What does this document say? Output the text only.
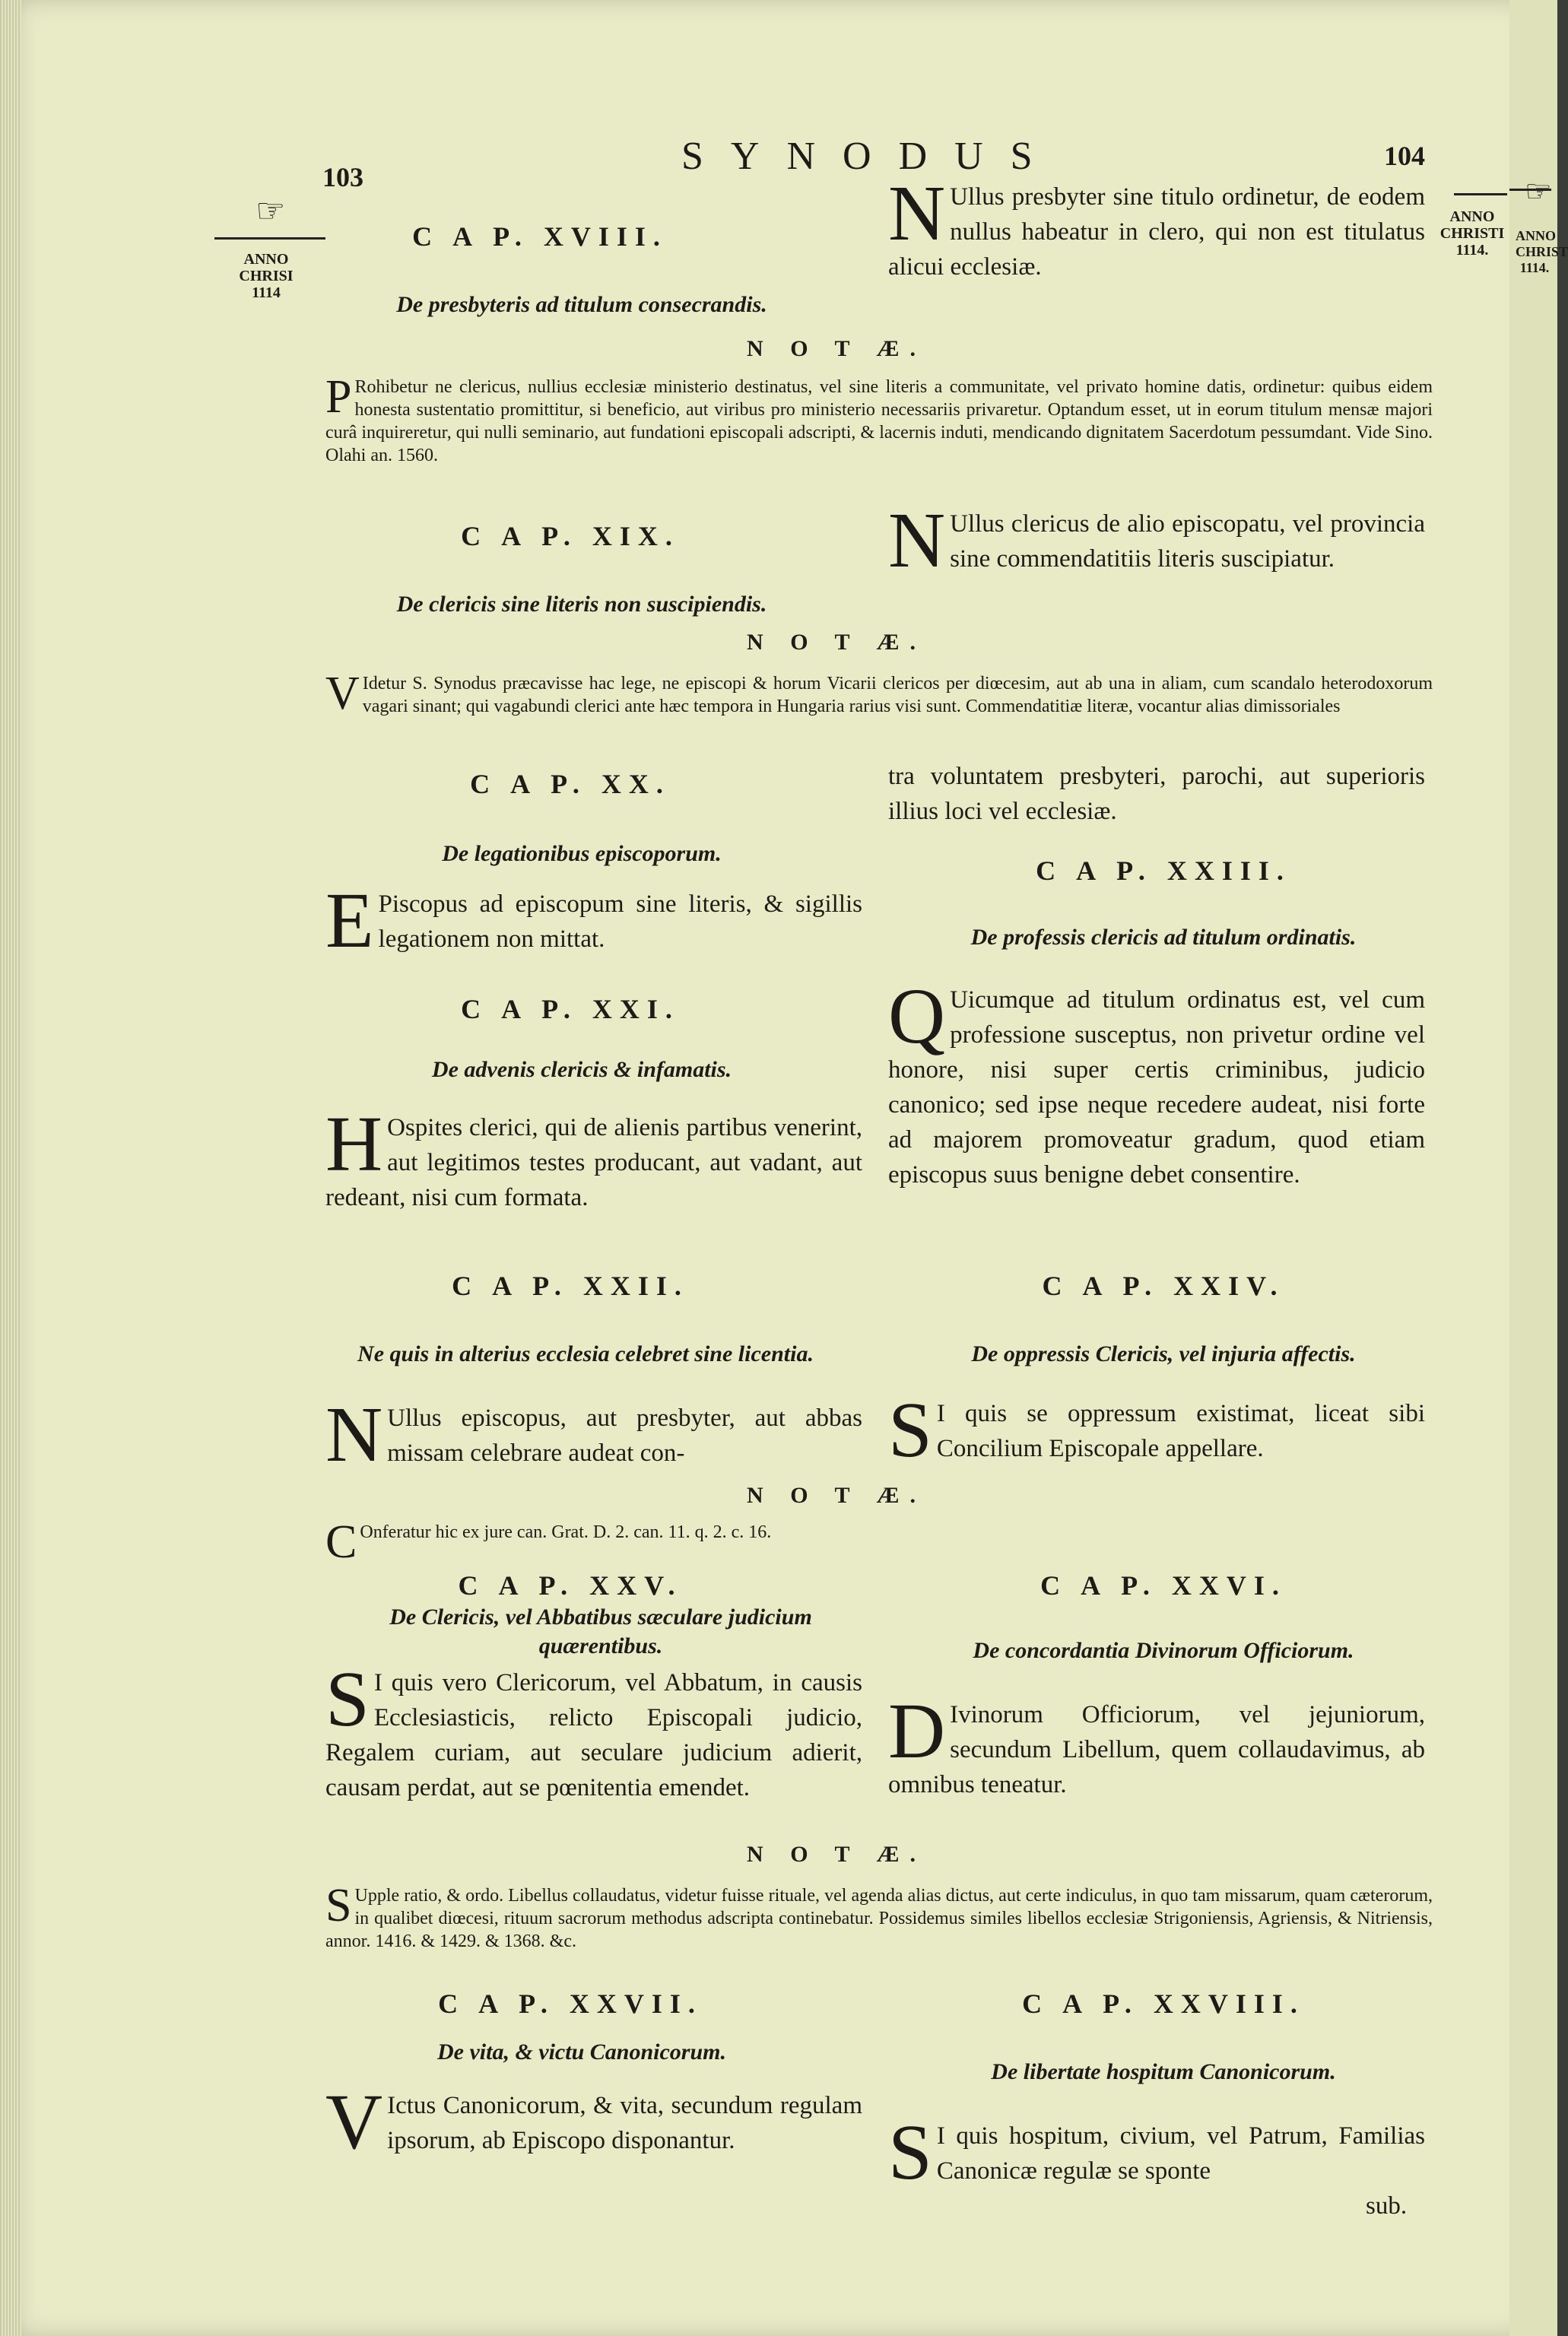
103	SYNODUS	104
☞
ANNO
CHRISI
1114
ANNO
CHRISTI
1114.
C A P. XVIII.
De presbyteris ad titulum consecrandis.
N Ullus presbyter sine titulo ordinetur, de eodem nullus habeatur in clero, qui non est titulatus alicui ecclesiæ.
N O T Æ.
P Rohibetur ne clericus, nullius ecclesiæ ministerio destinatus, vel sine literis a communitate, vel privato homine datis, ordinetur: quibus eidem honesta sustentatio promittitur, si beneficio, aut viribus pro ministerio necessariis privaretur. Optandum esset, ut in eorum titulum mensæ majori curâ inquireretur, qui nulli seminario, aut fundationi episcopali adscripti, & lacernis induti, mendicando dignitatem Sacerdotum pessumdant. Vide Sino. Olahi an. 1560.
C A P. XIX.
De clericis sine literis non suscipiendis.
N Ullus clericus de alio episcopatu, vel provincia sine commendatitiis literis suscipiatur.
N O T Æ.
V Idetur S. Synodus præcavisse hac lege, ne episcopi & horum Vicarii clericos per diœcesim, aut ab una in aliam, cum scandalo heterodoxorum vagari sinant; qui vagabundi clerici ante hæc tempora in Hungaria rarius visi sunt. Commendatitiæ literæ, vocantur alias dimissoriales
C A P. XX.
De legationibus episcoporum.
E Piscopus ad episcopum sine literis, & sigillis legationem non mittat.
C A P. XXI.
De advenis clericis & infamatis.
H Ospites clerici, qui de alienis partibus venerint, aut legitimos testes producant, aut vadant, aut redeant, nisi cum formata.
C A P. XXII.
Ne quis in alterius ecclesia celebret sine licentia.
N Ullus episcopus, aut presbyter, aut abbas missam celebrare audeat con-
tra voluntatem presbyteri, parochi, aut superioris illius loci vel ecclesiæ.
C A P. XXIII.
De professis clericis ad titulum ordinatis.
Q Uicumque ad titulum ordinatus est, vel cum professione susceptus, non privetur ordine vel honore, nisi super certis criminibus, judicio canonico; sed ipse neque recedere audeat, nisi forte ad majorem promoveatur gradum, quod etiam episcopus suus benigne debet consentire.
C A P. XXIV.
De oppressis Clericis, vel injuria affectis.
S I quis se oppressum existimat, liceat sibi Concilium Episcopale appellare.
N O T Æ.
C Onferatur hic ex jure can. Grat. D. 2. can. 11. q. 2. c. 16.
C A P. XXV.
De Clericis, vel Abbatibus sæculare judicium quærentibus.
S I quis vero Clericorum, vel Abbatum, in causis Ecclesiasticis, relicto Episcopali judicio, Regalem curiam, aut seculare judicium adierit, causam perdat, aut se pœnitentia emendet.
C A P. XXVI.
De concordantia Divinorum Officiorum.
D Ivinorum Officiorum, vel jejuniorum, secundum Libellum, quem collaudavimus, ab omnibus teneatur.
N O T Æ.
S Upple ratio, & ordo. Libellus collaudatus, videtur fuisse rituale, vel agenda alias dictus, aut certe indiculus, in quo tam missarum, quam cæterorum, in qualibet diœcesi, rituum sacrorum methodus adscripta continebatur. Possidemus similes libellos ecclesiæ Strigoniensis, Agriensis, & Nitriensis, annor. 1416. & 1429. & 1368. &c.
C A P. XXVII.
De vita, & victu Canonicorum.
V Ictus Canonicorum, & vita, secundum regulam ipsorum, ab Episcopo disponantur.
C A P. XXVIII.
De libertate hospitum Canonicorum.
S I quis hospitum, civium, vel Patrum, Familias Canonicæ regulæ se sponte
sub.
☞
ANNO
CHRIST
1114.
